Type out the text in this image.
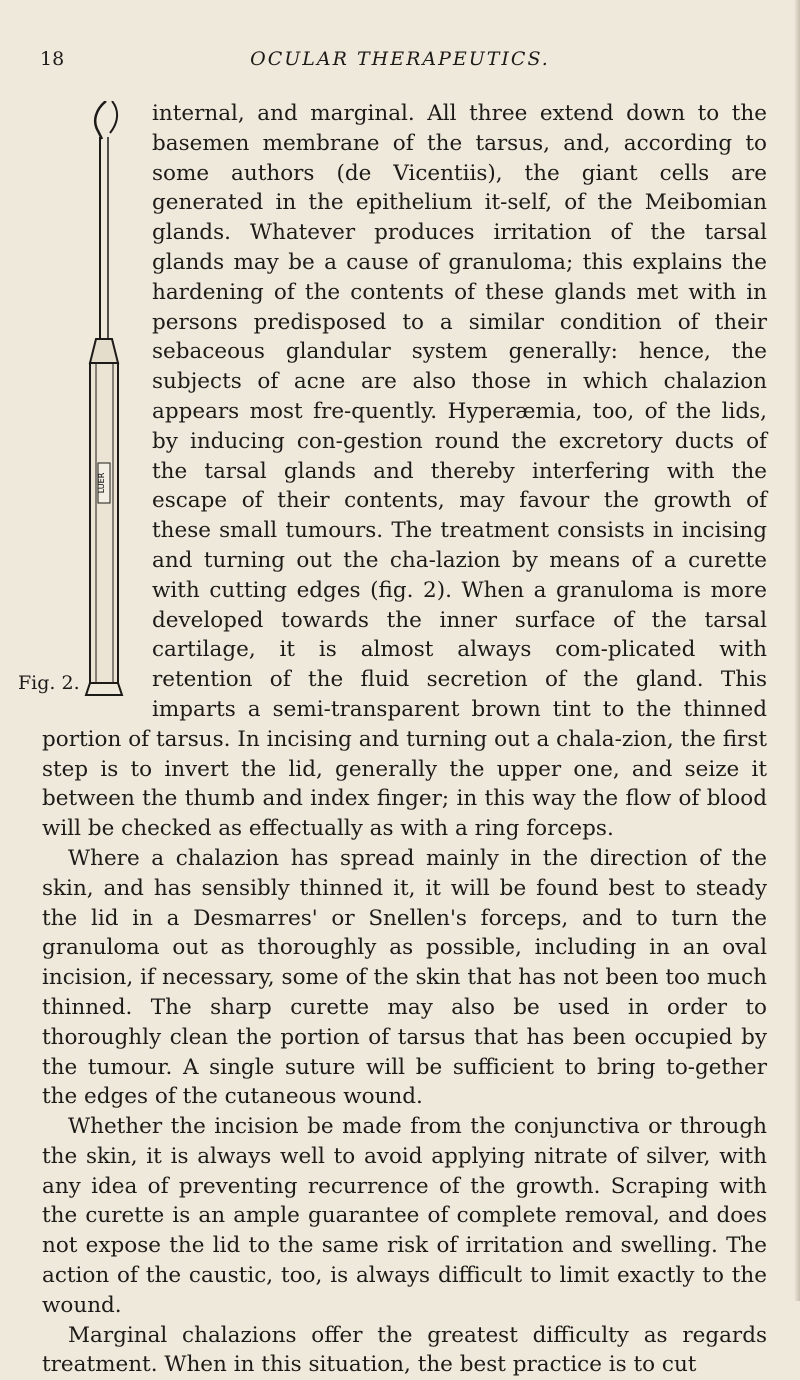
18	OCULAR THERAPEUTICS.
LUER
Fig. 2.

internal, and marginal. All three extend down to the basemen membrane of the tarsus, and, according to some authors (de Vicentiis), the giant cells are generated in the epithelium it-self, of the Meibomian glands. Whatever produces irritation of the tarsal glands may be a cause of granuloma; this explains the hardening of the contents of these glands met with in persons predisposed to a similar condition of their sebaceous glandular system generally: hence, the subjects of acne are also those in which chalazion appears most fre-quently. Hyperæmia, too, of the lids, by inducing con-gestion round the excretory ducts of the tarsal glands and thereby interfering with the escape of their contents, may favour the growth of these small tumours. The treatment consists in incising and turning out the cha-lazion by means of a curette with cutting edges (fig. 2). When a granuloma is more developed towards the inner surface of the tarsal cartilage, it is almost always com-plicated with retention of the fluid secretion of the gland. This imparts a semi-transparent brown tint to the thinned portion of tarsus. In incising and turning out a chala-zion, the first step is to invert the lid, generally the upper one, and seize it between the thumb and index finger; in this way the flow of blood will be checked as effectually as with a ring forceps.

Where a chalazion has spread mainly in the direction of the skin, and has sensibly thinned it, it will be found best to steady the lid in a Desmarres' or Snellen's forceps, and to turn the granuloma out as thoroughly as possible, including in an oval incision, if necessary, some of the skin that has not been too much thinned. The sharp curette may also be used in order to thoroughly clean the portion of tarsus that has been occupied by the tumour. A single suture will be sufficient to bring to-gether the edges of the cutaneous wound.

Whether the incision be made from the conjunctiva or through the skin, it is always well to avoid applying nitrate of silver, with any idea of preventing recurrence of the growth. Scraping with the curette is an ample guarantee of complete removal, and does not expose the lid to the same risk of irritation and swelling. The action of the caustic, too, is always difficult to limit exactly to the wound.

Marginal chalazions offer the greatest difficulty as regards treatment. When in this situation, the best practice is to cut
